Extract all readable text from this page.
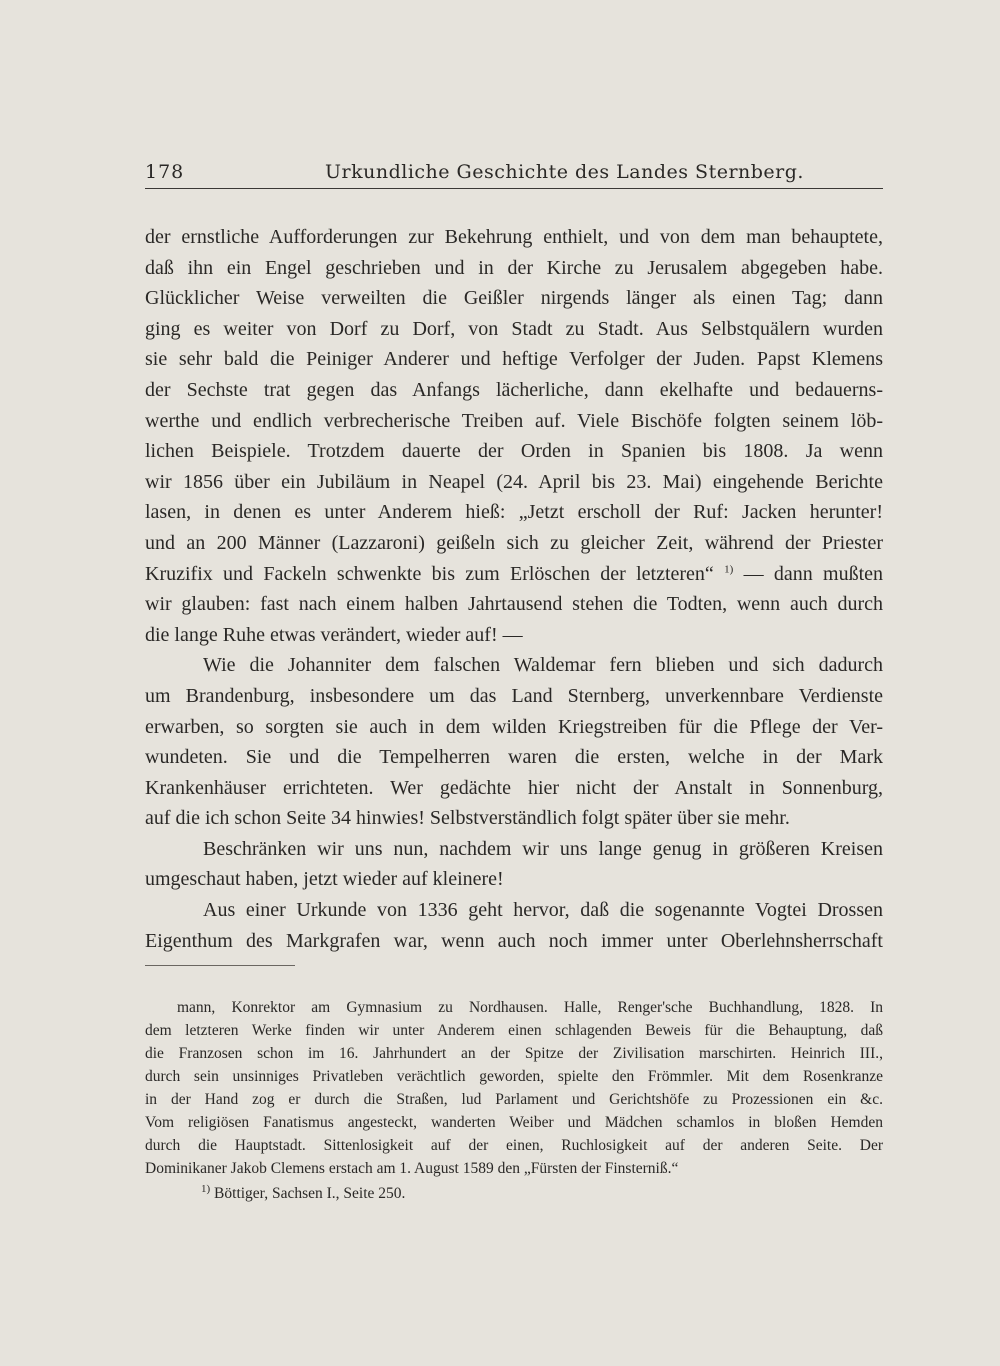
178	Urkundliche Geschichte des Landes Sternberg.
der ernstliche Aufforderungen zur Bekehrung enthielt, und von dem man behauptete,
daß ihn ein Engel geschrieben und in der Kirche zu Jerusalem abgegeben habe.
Glücklicher Weise verweilten die Geißler nirgends länger als einen Tag; dann
ging es weiter von Dorf zu Dorf, von Stadt zu Stadt. Aus Selbstquälern wurden
sie sehr bald die Peiniger Anderer und heftige Verfolger der Juden. Papst Klemens
der Sechste trat gegen das Anfangs lächerliche, dann ekelhafte und bedauerns-
werthe und endlich verbrecherische Treiben auf. Viele Bischöfe folgten seinem löb-
lichen Beispiele. Trotzdem dauerte der Orden in Spanien bis 1808. Ja wenn
wir 1856 über ein Jubiläum in Neapel (24. April bis 23. Mai) eingehende Berichte
lasen, in denen es unter Anderem hieß: „Jetzt erscholl der Ruf: Jacken herunter!
und an 200 Männer (Lazzaroni) geißeln sich zu gleicher Zeit, während der Priester
Kruzifix und Fackeln schwenkte bis zum Erlöschen der letzteren“ $^{1)}$ — dann mußten
wir glauben: fast nach einem halben Jahrtausend stehen die Todten, wenn auch durch
die lange Ruhe etwas verändert, wieder auf! —
Wie die Johanniter dem falschen Waldemar fern blieben und sich dadurch
um Brandenburg, insbesondere um das Land Sternberg, unverkennbare Verdienste
erwarben, so sorgten sie auch in dem wilden Kriegstreiben für die Pflege der Ver-
wundeten. Sie und die Tempelherren waren die ersten, welche in der Mark
Krankenhäuser errichteten. Wer gedächte hier nicht der Anstalt in Sonnenburg,
auf die ich schon Seite 34 hinwies! Selbstverständlich folgt später über sie mehr.
Beschränken wir uns nun, nachdem wir uns lange genug in größeren Kreisen
umgeschaut haben, jetzt wieder auf kleinere!
Aus einer Urkunde von 1336 geht hervor, daß die sogenannte Vogtei Drossen
Eigenthum des Markgrafen war, wenn auch noch immer unter Oberlehnsherrschaft
mann, Konrektor am Gymnasium zu Nordhausen. Halle, Renger'sche Buchhandlung, 1828. In
dem letzteren Werke finden wir unter Anderem einen schlagenden Beweis für die Behauptung, daß
die Franzosen schon im 16. Jahrhundert an der Spitze der Zivilisation marschirten. Heinrich III.,
durch sein unsinniges Privatleben verächtlich geworden, spielte den Frömmler. Mit dem Rosenkranze
in der Hand zog er durch die Straßen, lud Parlament und Gerichtshöfe zu Prozessionen ein &c.
Vom religiösen Fanatismus angesteckt, wanderten Weiber und Mädchen schamlos in bloßen Hemden
durch die Hauptstadt. Sittenlosigkeit auf der einen, Ruchlosigkeit auf der anderen Seite. Der
Dominikaner Jakob Clemens erstach am 1. August 1589 den „Fürsten der Finsterniß.“
$^{1)}$ Böttiger, Sachsen I., Seite 250.
